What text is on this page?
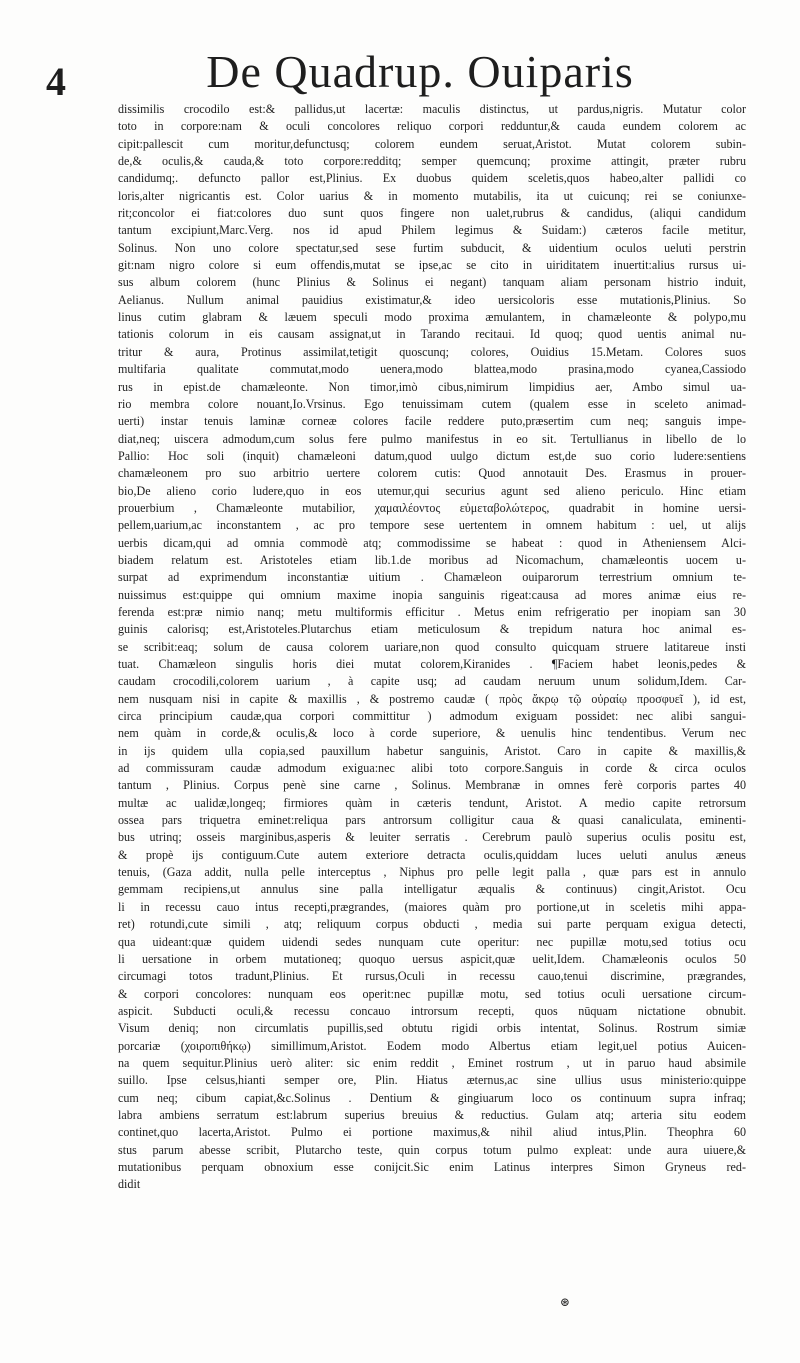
4	De Quadrup. Ouiparis
dissimilis crocodilo est:& pallidus,ut lacertæ: maculis distinctus, ut pardus,nigris. Mutatur color
toto in corpore:nam & oculi concolores reliquo corpori redduntur,& cauda eundem colorem ac
cipit:pallescit cum moritur,defunctusq; colorem eundem seruat,Aristot. Mutat colorem subin-
de,& oculis,& cauda,& toto corpore:redditq; semper quemcunq; proxime attingit, præter rubru
candidumq;. defuncto pallor est,Plinius. Ex duobus quidem sceletis,quos habeo,alter pallidi co
loris,alter nigricantis est. Color uarius & in momento mutabilis, ita ut cuicunq; rei se coniunxe-
rit;concolor ei fiat:colores duo sunt quos fingere non ualet,rubrus & candidus, (aliqui candidum
tantum excipiunt,Marc.Verg. nos id apud Philem legimus & Suidam:) cæteros facile metitur,
Solinus. Non uno colore spectatur,sed sese furtim subducit, & uidentium oculos ueluti perstrin
git:nam nigro colore si eum offendis,mutat se ipse,ac se cito in uiriditatem inuertit:alius rursus ui-
sus album colorem (hunc Plinius & Solinus ei negant) tanquam aliam personam histrio induit,
Aelianus. Nullum animal pauidius existimatur,& ideo uersicoloris esse mutationis,Plinius. So
linus cutim glabram & læuem speculi modo proxima æmulantem, in chamæleonte & polypo,mu
tationis colorum in eis causam assignat,ut in Tarando recitaui. Id quoq; quod uentis animal nu-
tritur & aura, Protinus assimilat,tetigit quoscunq; colores, Ouidius 15.Metam. Colores suos
multifaria qualitate commutat,modo uenera,modo blattea,modo prasina,modo cyanea,Cassiodo
rus in epist.de chamæleonte. Non timor,imò cibus,nimirum limpidius aer, Ambo simul ua-
rio membra colore nouant,Io.Vrsinus. Ego tenuissimam cutem (qualem esse in sceleto animad-
uerti) instar tenuis laminæ corneæ colores facile reddere puto,præsertim cum neq; sanguis impe-
diat,neq; uiscera admodum,cum solus fere pulmo manifestus in eo sit. Tertullianus in libello de lo
Pallio: Hoc soli (inquit) chamæleoni datum,quod uulgo dictum est,de suo corio ludere:sentiens
chamæleonem pro suo arbitrio uertere colorem cutis: Quod annotauit Des. Erasmus in prouer-
bio,De alieno corio ludere,quo in eos utemur,qui securius agunt sed alieno periculo. Hinc etiam
prouerbium , Chamæleonte mutabilior, χαμαιλέοντος εὐμεταβολώτερος, quadrabit in homine uersi-
pellem,uarium,ac inconstantem , ac pro tempore sese uertentem in omnem habitum : uel, ut alijs
uerbis dicam,qui ad omnia commodè atq; commodissime se habeat : quod in Atheniensem Alci-
biadem relatum est. Aristoteles etiam lib.1.de moribus ad Nicomachum, chamæleontis uocem u-
surpat ad exprimendum inconstantiæ uitium . Chamæleon ouiparorum terrestrium omnium te-
nuissimus est:quippe qui omnium maxime inopia sanguinis rigeat:causa ad mores animæ eius re-
ferenda est:præ nimio nanq; metu multiformis efficitur . Metus enim refrigeratio per inopiam san 30
guinis calorisq; est,Aristoteles.Plutarchus etiam meticulosum & trepidum natura hoc animal es-
se scribit:eaq; solum de causa colorem uariare,non quod consulto quicquam struere latitareue insti
tuat. Chamæleon singulis horis diei mutat colorem,Kiranides . ¶Faciem habet leonis,pedes &
caudam crocodili,colorem uarium , à capite usq; ad caudam neruum unum solidum,Idem. Car-
nem nusquam nisi in capite & maxillis , & postremo caudæ ( πρὸς ἄκρῳ τῷ οὐραίῳ προσφυεῖ ), id est,
circa principium caudæ,qua corpori committitur ) admodum exiguam possidet: nec alibi sangui-
nem quàm in corde,& oculis,& loco à corde superiore, & uenulis hinc tendentibus. Verum nec
in ijs quidem ulla copia,sed pauxillum habetur sanguinis, Aristot. Caro in capite & maxillis,&
ad commissuram caudæ admodum exigua:nec alibi toto corpore.Sanguis in corde & circa oculos
tantum , Plinius. Corpus penè sine carne , Solinus. Membranæ in omnes ferè corporis partes 40
multæ ac ualidæ,longeq; firmiores quàm in cæteris tendunt, Aristot. A medio capite retrorsum
ossea pars triquetra eminet:reliqua pars antrorsum colligitur caua & quasi canaliculata, eminenti-
bus utrinq; osseis marginibus,asperis & leuiter serratis . Cerebrum paulò superius oculis positu est,
& propè ijs contiguum.Cute autem exteriore detracta oculis,quiddam luces ueluti anulus æneus
tenuis, (Gaza addit, nulla pelle interceptus , Niphus pro pelle legit palla , quæ pars est in annulo
gemmam recipiens,ut annulus sine palla intelligatur æqualis & continuus) cingit,Aristot. Ocu
li in recessu cauo intus recepti,prægrandes, (maiores quàm pro portione,ut in sceletis mihi appa-
ret) rotundi,cute simili , atq; reliquum corpus obducti , media sui parte perquam exigua detecti,
qua uideant:quæ quidem uidendi sedes nunquam cute operitur: nec pupillæ motu,sed totius ocu
li uersatione in orbem mutationeq; quoquo uersus aspicit,quæ uelit,Idem. Chamæleonis oculos 50
circumagi totos tradunt,Plinius. Et rursus,Oculi in recessu cauo,tenui discrimine, prægrandes,
& corpori concolores: nunquam eos operit:nec pupillæ motu, sed totius oculi uersatione circum-
aspicit. Subducti oculi,& recessu concauo introrsum recepti, quos nūquam nictatione obnubit.
Visum deniq; non circumlatis pupillis,sed obtutu rigidi orbis intentat, Solinus. Rostrum simiæ
porcariæ (χοιροπιθήκῳ) simillimum,Aristot. Eodem modo Albertus etiam legit,uel potius Auicen-
na quem sequitur.Plinius uerò aliter: sic enim reddit , Eminet rostrum , ut in paruo haud absimile
suillo. Ipse celsus,hianti semper ore, Plin. Hiatus æternus,ac sine ullius usus ministerio:quippe
cum neq; cibum capiat,&c.Solinus . Dentium & gingiuarum loco os continuum supra infraq;
labra ambiens serratum est:labrum superius breuius & reductius. Gulam atq; arteria situ eodem
continet,quo lacerta,Aristot. Pulmo ei portione maximus,& nihil aliud intus,Plin. Theophra 60
stus parum abesse scribit, Plutarcho teste, quin corpus totum pulmo expleat: unde aura uiuere,&
mutationibus perquam obnoxium esse conijcit.Sic enim Latinus interpres Simon Gryneus red-
didit
⊛
